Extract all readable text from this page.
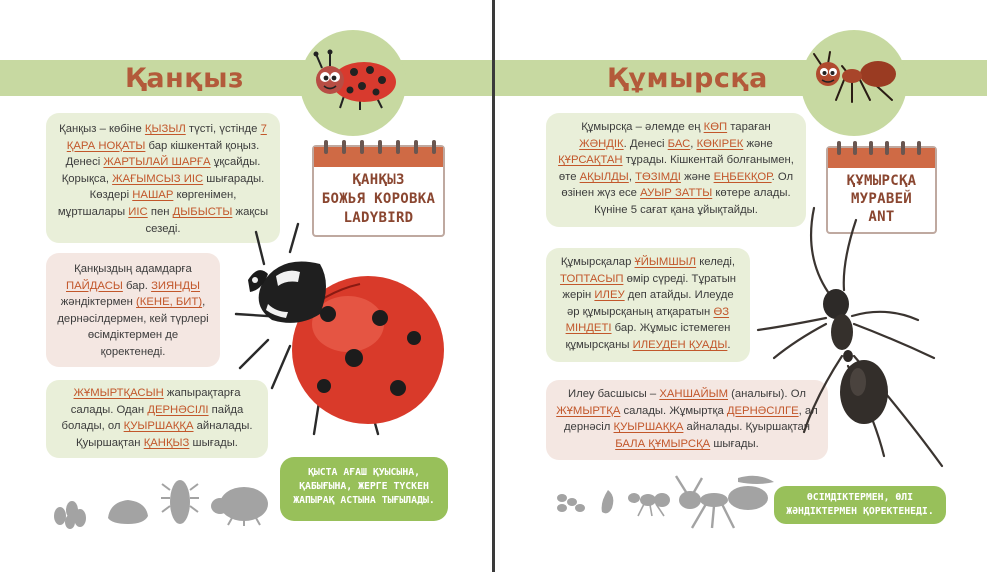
Қанқыз
Қанқыз – көбіне ҚЫЗЫЛ түсті, үстінде 7 ҚАРА НОҚАТЫ бар кішкентай қоңыз. Денесі ЖАРТЫЛАЙ ШАРҒА ұқсайды. Қорықса, ЖАҒЫМСЫЗ ИІС шығарады. Көздері НАШАР көргенімен, мұртшалары ИІС пен ДЫБЫСТЫ жақсы сезеді.
ҚАНҚЫЗ
БОЖЬЯ КОРОВКА
LADYBIRD
Қанқыздың адамдарға ПАЙДАСЫ бар. ЗИЯНДЫ жәндіктермен (КЕНЕ, БИТ), дернәсілдермен, кей түрлері өсімдіктермен де қоректенеді.
ЖҰМЫРТҚАСЫН жапырақтарға салады. Одан ДЕРНӘСІЛІ пайда болады, ол ҚУЫРШАҚҚА айналады. Қуыршақтан ҚАНҚЫЗ шығады.
ҚЫСТА АҒАШ ҚУЫСЫНА, ҚАБЫҒЫНА, ЖЕРГЕ ТҮСКЕН ЖАПЫРАҚ АСТЫНА ТЫҒЫЛАДЫ.
Құмырсқа
Құмырсқа – әлемде ең КӨП тараған ЖӘНДІК. Денесі БАС, КӨКІРЕК және ҚҰРСАҚТАН тұрады. Кішкентай болғанымен, өте АҚЫЛДЫ, ТӨЗІМДІ және ЕҢБЕКҚОР. Ол өзінен жүз есе АУЫР ЗАТТЫ көтере алады. Күніне 5 сағат қана ұйықтайды.
ҚҰМЫРСҚА
МУРАВЕЙ
ANT
Құмырсқалар ҰЙЫМШЫЛ келеді, ТОПТАСЫП өмір сүреді. Тұратын жерін ИЛЕУ деп атайды. Илеуде әр құмырсқаның атқаратын ӨЗ МІНДЕТІ бар. Жұмыс істемеген құмырсқаны ИЛЕУДЕН ҚУАДЫ.
Илеу басшысы – ХАНШАЙЫМ (аналығы). Ол ЖҰМЫРТҚА салады. Жұмыртқа ДЕРНӘСІЛГЕ, ал дернәсіл ҚУЫРШАҚҚА айналады. Қуыршақтан БАЛА ҚҰМЫРСҚА шығады.
ӨСІМДІКТЕРМЕН, ӨЛІ ЖӘНДІКТЕРМЕН ҚОРЕКТЕНЕДІ.
